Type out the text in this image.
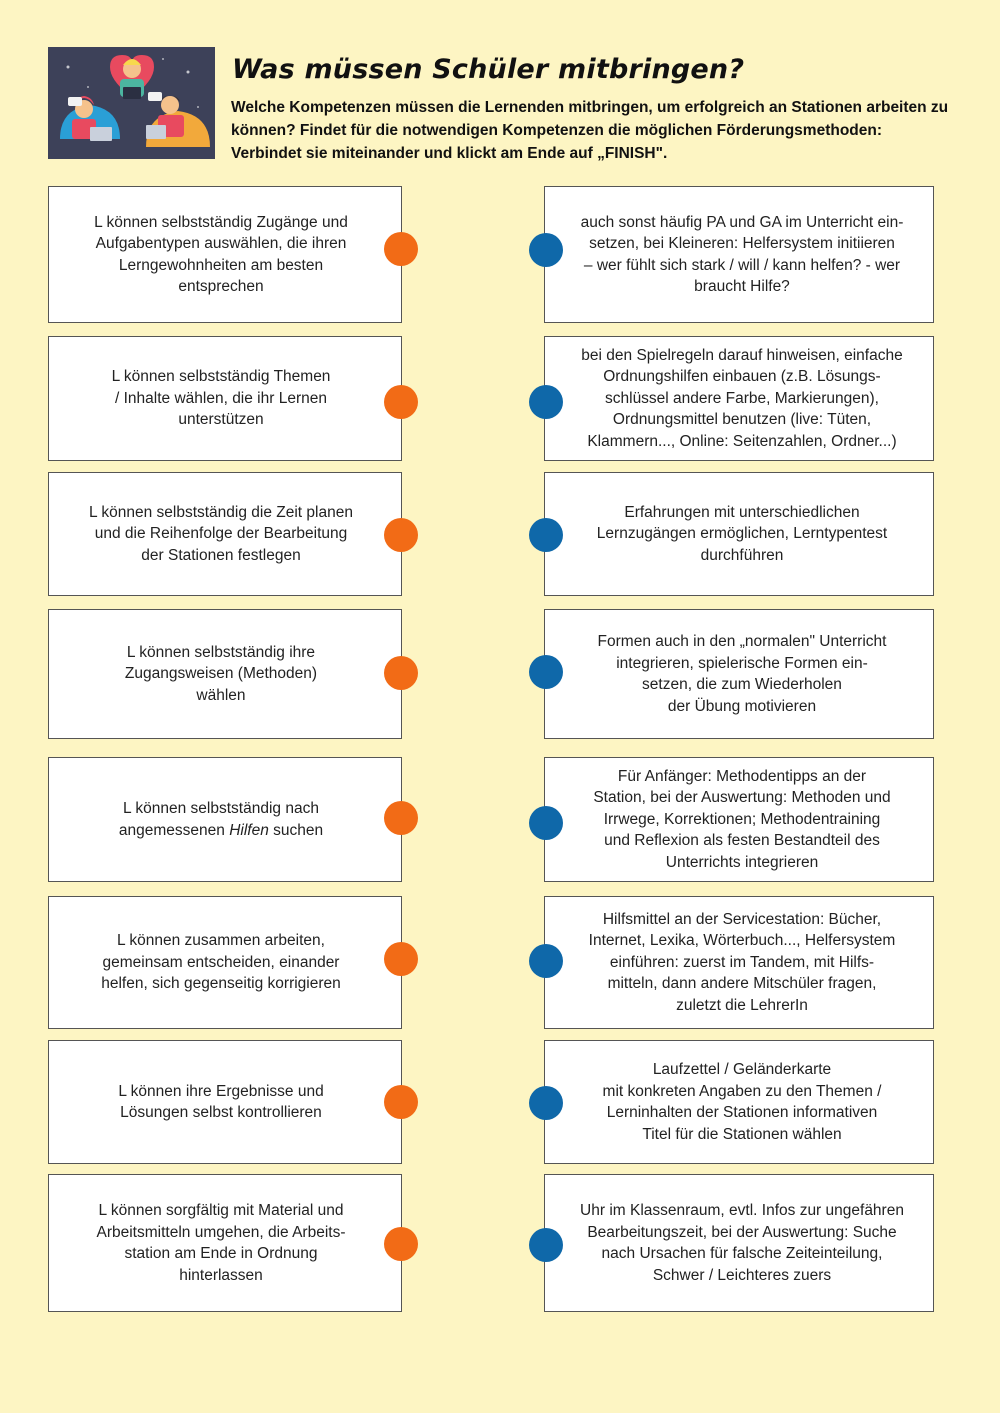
Was müssen Schüler mitbringen?
Welche Kompetenzen müssen die Lernenden mitbringen, um erfolgreich an Stationen arbeiten zu können? Findet für die notwendigen Kompetenzen die möglichen Förderungsmethoden: Verbindet sie miteinander und klickt am Ende auf „FINISH".
L können selbstständig Zugänge und
Aufgabentypen auswählen, die ihren
Lerngewohnheiten am besten
entsprechen
L können selbstständig Themen
/ Inhalte wählen, die ihr Lernen
unterstützen
L können selbstständig die Zeit planen
und die Reihenfolge der Bearbeitung
der Stationen festlegen
L können selbstständig ihre
Zugangsweisen (Methoden)
wählen
L können selbstständig nach
angemessenen Hilfen suchen
L können zusammen arbeiten,
gemeinsam entscheiden, einander
helfen, sich gegenseitig korrigieren
L können ihre Ergebnisse und
Lösungen selbst kontrollieren
L können sorgfältig mit Material und
Arbeitsmitteln umgehen, die Arbeits-
station am Ende in Ordnung
hinterlassen
auch sonst häufig PA und GA im Unterricht ein-
setzen, bei Kleineren: Helfersystem initiieren
– wer fühlt sich stark / will / kann helfen? - wer
braucht Hilfe?
bei den Spielregeln darauf hinweisen, einfache
Ordnungshilfen einbauen (z.B. Lösungs-
schlüssel andere Farbe, Markierungen),
Ordnungsmittel benutzen (live: Tüten,
Klammern..., Online: Seitenzahlen, Ordner...)
Erfahrungen mit unterschiedlichen
Lernzugängen ermöglichen, Lerntypentest
durchführen
Formen auch in den „normalen" Unterricht
integrieren, spielerische Formen ein-
setzen, die zum Wiederholen
der Übung motivieren
Für Anfänger: Methodentipps an der
Station, bei der Auswertung: Methoden und
Irrwege, Korrektionen; Methodentraining
und Reflexion als festen Bestandteil des
Unterrichts integrieren
Hilfsmittel an der Servicestation: Bücher,
Internet, Lexika, Wörterbuch..., Helfersystem
einführen: zuerst im Tandem, mit Hilfs-
mitteln, dann andere Mitschüler fragen,
zuletzt die LehrerIn
Laufzettel / Geländerkarte
mit konkreten Angaben zu den Themen /
Lerninhalten der Stationen informativen
Titel für die Stationen wählen
Uhr im Klassenraum, evtl. Infos zur ungefähren
Bearbeitungszeit, bei der Auswertung: Suche
nach Ursachen für falsche Zeiteinteilung,
Schwer / Leichteres zuers
